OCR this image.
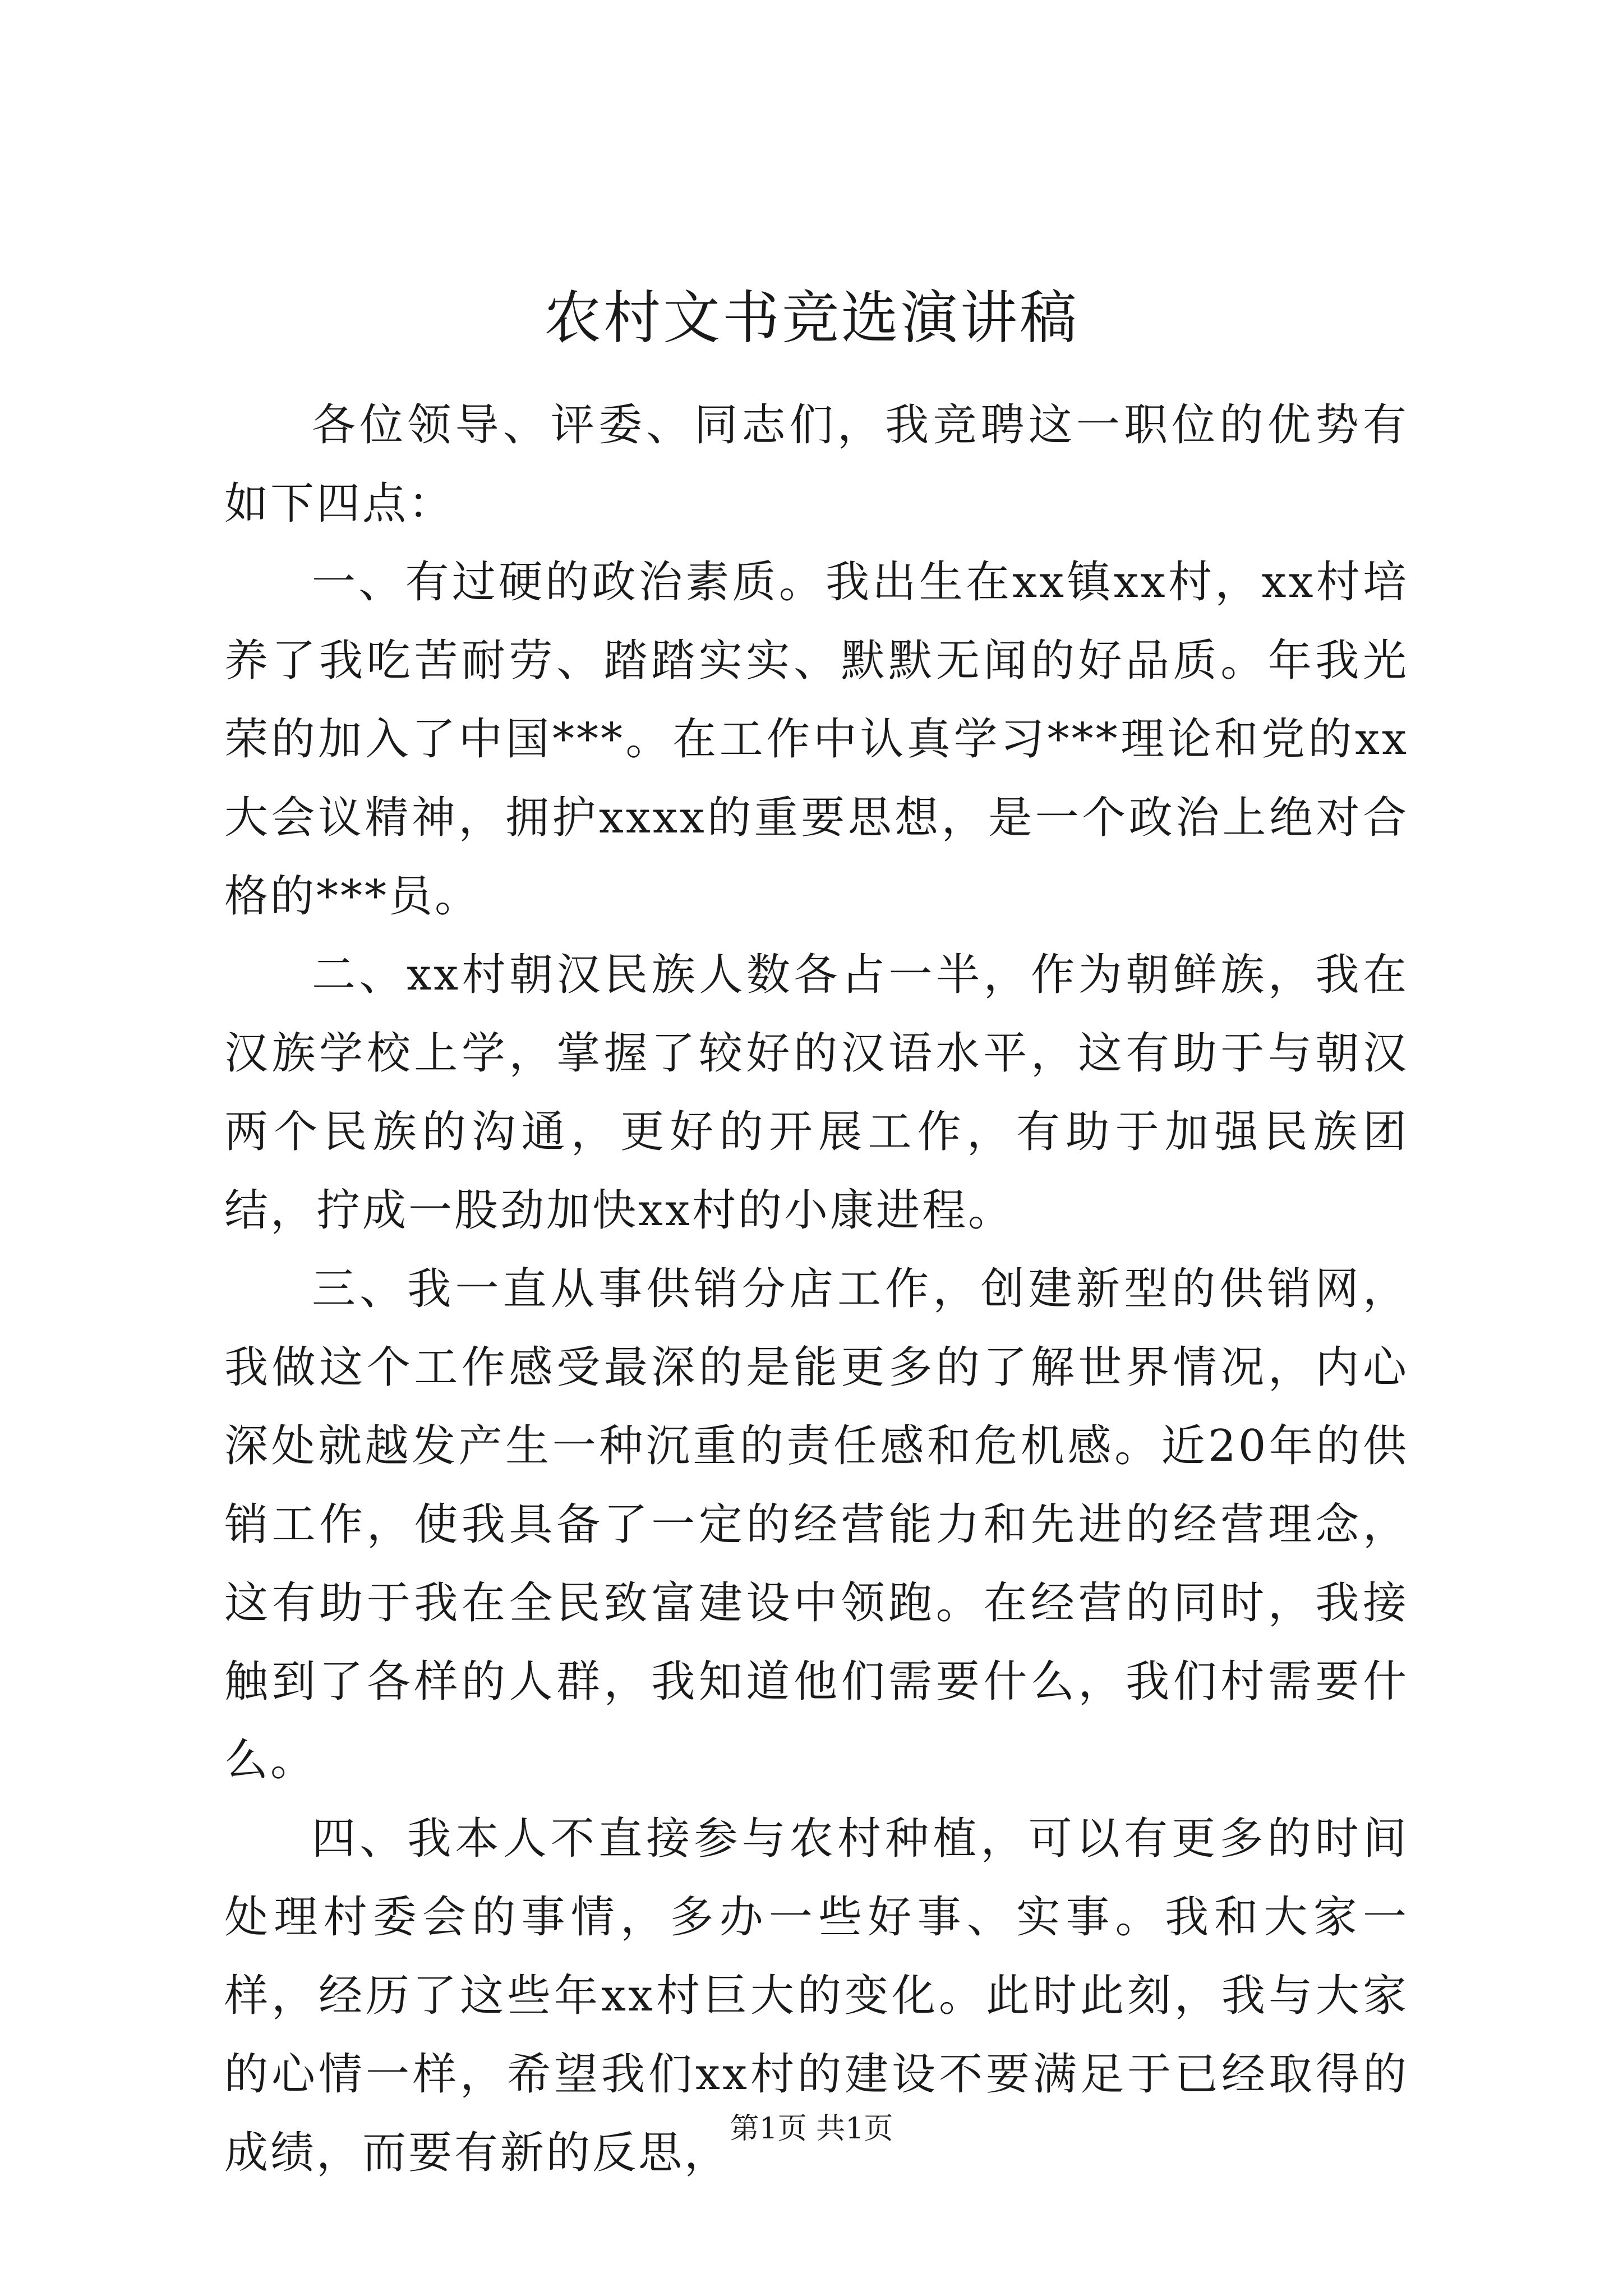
农村文书竞选演讲稿

各位领导、评委、同志们，我竞聘这一职位的优势有如下四点：

一、有过硬的政治素质。我出生在xx镇xx村，xx村培养了我吃苦耐劳、踏踏实实、默默无闻的好品质。年我光荣的加入了中国***。在工作中认真学习***理论和党的xx大会议精神，拥护xxxx的重要思想，是一个政治上绝对合格的***员。

二、xx村朝汉民族人数各占一半，作为朝鲜族，我在汉族学校上学，掌握了较好的汉语水平，这有助于与朝汉两个民族的沟通，更好的开展工作，有助于加强民族团结，拧成一股劲加快xx村的小康进程。

三、我一直从事供销分店工作，创建新型的供销网，我做这个工作感受最深的是能更多的了解世界情况，内心深处就越发产生一种沉重的责任感和危机感。近20年的供销工作，使我具备了一定的经营能力和先进的经营理念，这有助于我在全民致富建设中领跑。在经营的同时，我接触到了各样的人群，我知道他们需要什么，我们村需要什么。

四、我本人不直接参与农村种植，可以有更多的时间处理村委会的事情，多办一些好事、实事。我和大家一样，经历了这些年xx村巨大的变化。此时此刻，我与大家的心情一样，希望我们xx村的建设不要满足于已经取得的成绩，而要有新的反思， 第1页 共1页
